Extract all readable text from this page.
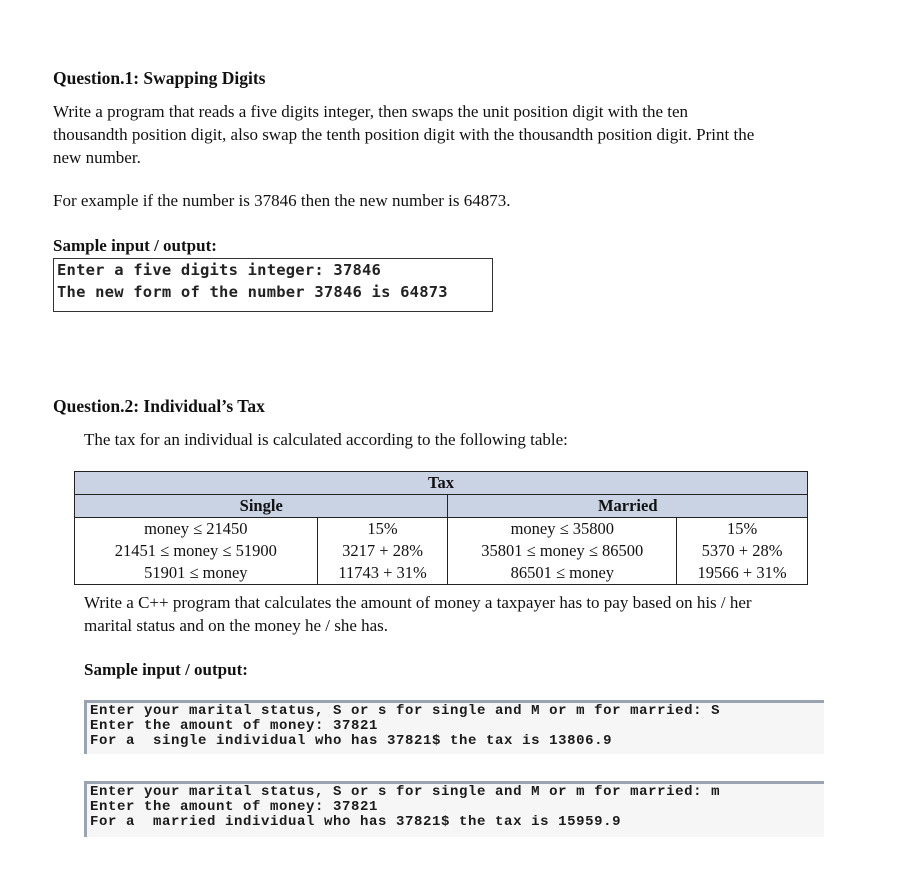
Question.1: Swapping Digits
Write a program that reads a five digits integer, then swaps the unit position digit with the ten
thousandth position digit, also swap the tenth position digit with the thousandth position digit. Print the
new number.
For example if the number is 37846 then the new number is 64873.
Sample input / output:
Enter a five digits integer: 37846
The new form of the number 37846 is 64873
Question.2: Individual’s Tax
The tax for an individual is calculated according to the following table:
Tax			
Single		Married	
money ≤ 21450	15%	money ≤ 35800	15%
21451 ≤ money ≤ 51900	3217 + 28%	35801 ≤ money ≤ 86500	5370 + 28%
51901 ≤ money	11743 + 31%	86501 ≤ money	19566 + 31%
Write a C++ program that calculates the amount of money a taxpayer has to pay based on his / her
marital status and on the money he / she has.
Sample input / output:
Enter your marital status, S or s for single and M or m for married: S
Enter the amount of money: 37821
For a  single individual who has 37821$ the tax is 13806.9
Enter your marital status, S or s for single and M or m for married: m
Enter the amount of money: 37821
For a  married individual who has 37821$ the tax is 15959.9
